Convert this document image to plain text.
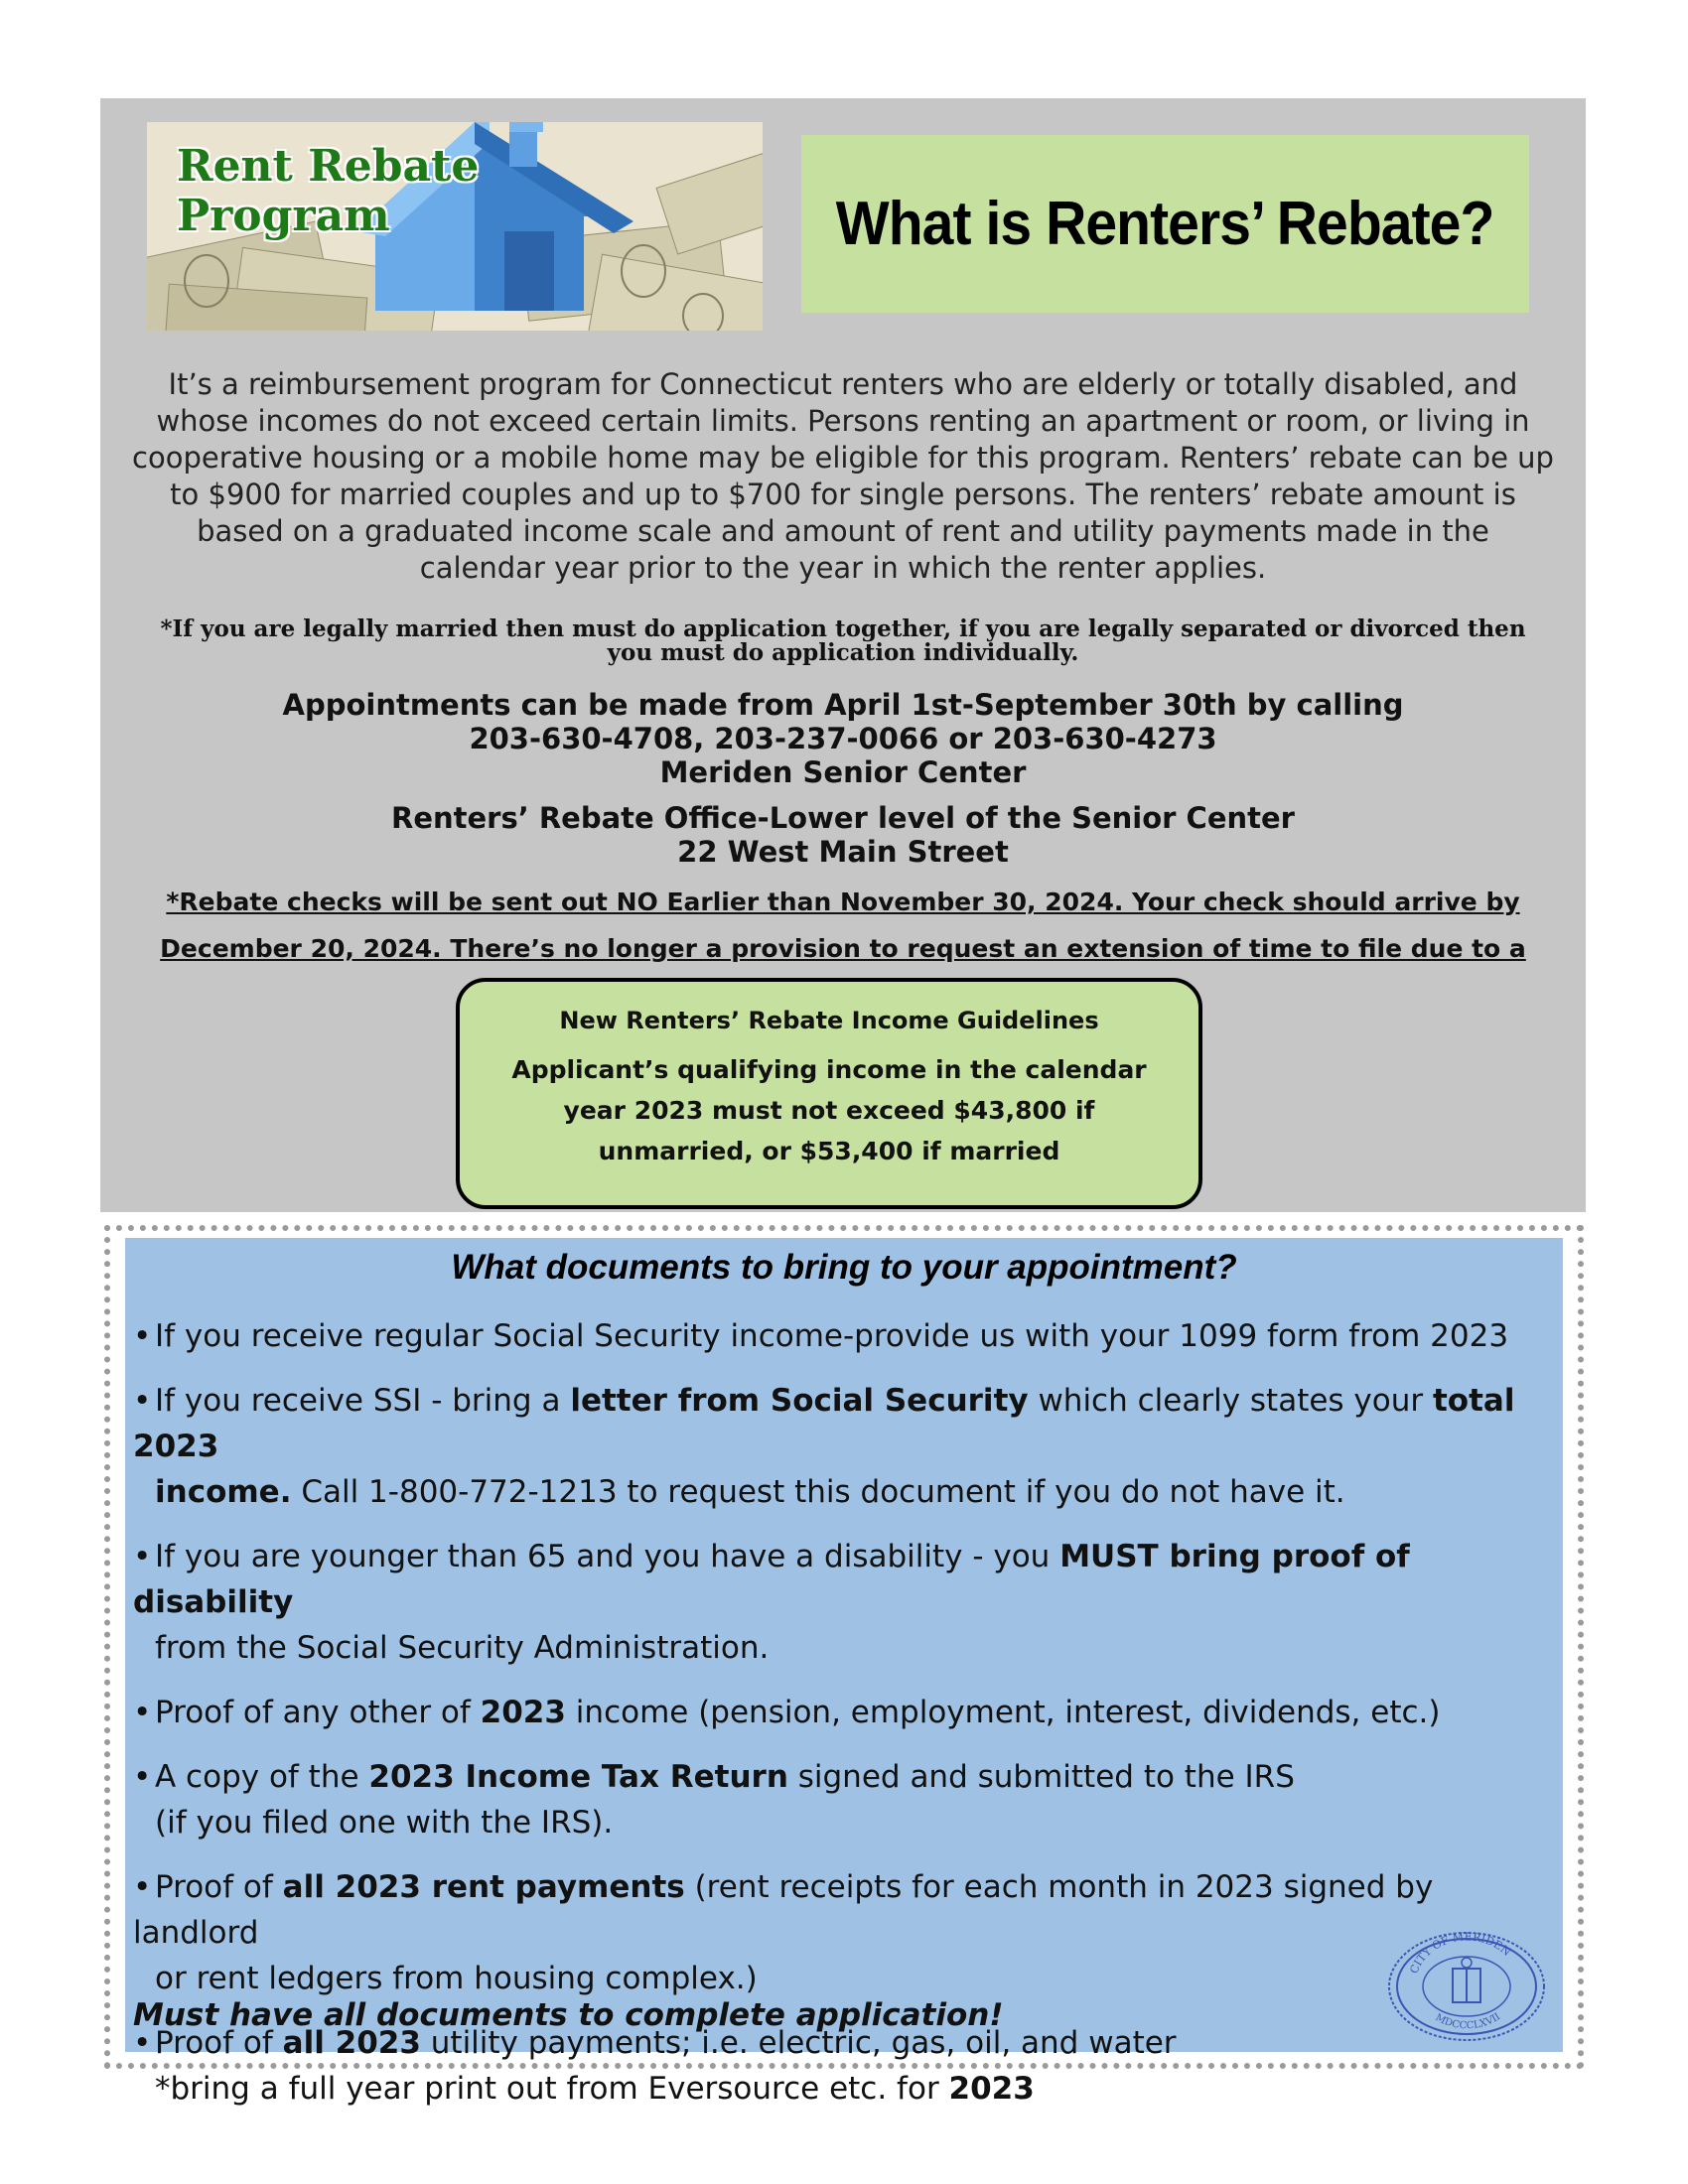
Rent Rebate
Program	What is Renters’ Rebate?
It’s a reimbursement program for Connecticut renters who are elderly or totally disabled, and whose incomes do not exceed certain limits. Persons renting an apartment or room, or living in cooperative housing or a mobile home may be eligible for this program. Renters’ rebate can be up to $900 for married couples and up to $700 for single persons. The renters’ rebate amount is based on a graduated income scale and amount of rent and utility payments made in the calendar year prior to the year in which the renter applies.
*If you are legally married then must do application together, if you are legally separated or divorced then you must do application individually.
Appointments can be made from April 1st-September 30th by calling
203-630-4708, 203-237-0066 or 203-630-4273
Meriden Senior Center
Renters’ Rebate Office-Lower level of the Senior Center
22 West Main Street
*Rebate checks will be sent out NO Earlier than November 30, 2024. Your check should arrive by December 20, 2024. There’s no longer a provision to request an extension of time to file due to a
New Renters’ Rebate Income Guidelines
Applicant’s qualifying income in the calendar year 2023 must not exceed $43,800 if unmarried, or $53,400 if married
What documents to bring to your appointment?
• If you receive regular Social Security income-provide us with your 1099 form from 2023
• If you receive SSI - bring a letter from Social Security which clearly states your total 2023
income. Call 1-800-772-1213 to request this document if you do not have it.
• If you are younger than 65 and you have a disability - you MUST bring proof of disability
from the Social Security Administration.
• Proof of any other of 2023 income (pension, employment, interest, dividends, etc.)
• A copy of the 2023 Income Tax Return signed and submitted to the IRS
(if you filed one with the IRS).
• Proof of all 2023 rent payments (rent receipts for each month in 2023 signed by landlord
or rent ledgers from housing complex.)
• Proof of all 2023 utility payments; i.e. electric, gas, oil, and water
*bring a full year print out from Eversource etc. for 2023
Must have all documents to complete application!
CITY OF MERIDEN
MDCCCLXVII
